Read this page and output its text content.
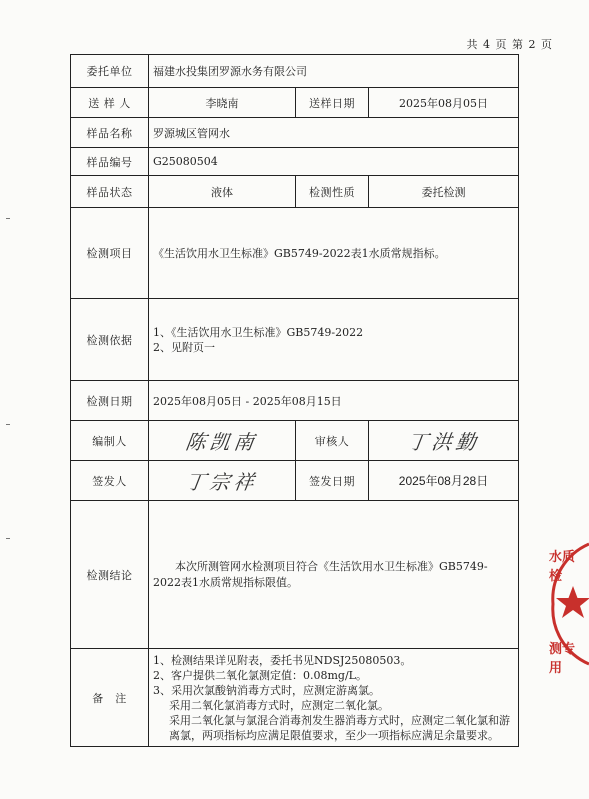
共 4 页 第 2 页
委托单位	福建水投集团罗源水务有限公司		
送 样 人	李晓南	送样日期	2025年08月05日
样品名称	罗源城区管网水		
样品编号	G25080504		
样品状态	液体	检测性质	委托检测
检测项目	《生活饮用水卫生标准》GB5749-2022表1水质常规指标。		
检测依据	1、《生活饮用水卫生标准》GB5749-2022
2、见附页一		
检测日期	2025年08月05日 - 2025年08月15日		
编制人	陈凯南	审核人	丁洪勤
签发人	丁宗祥	签发日期	2025年08月28日
检测结论	本次所测管网水检测项目符合《生活饮用水卫生标准》GB5749-2022表1水质常规指标限值。		
备　注	1、检测结果详见附表，委托书见NDSJ25080503。
2、客户提供二氧化氯测定值：0.08mg/L。
3、采用次氯酸钠消毒方式时，应测定游离氯。
采用二氧化氯消毒方式时，应测定二氧化氯。
采用二氧化氯与氯混合消毒剂发生器消毒方式时，应测定二氧化氯和游离氯，两项指标均应满足限值要求，至少一项指标应满足余量要求。		
水质检
测专用
